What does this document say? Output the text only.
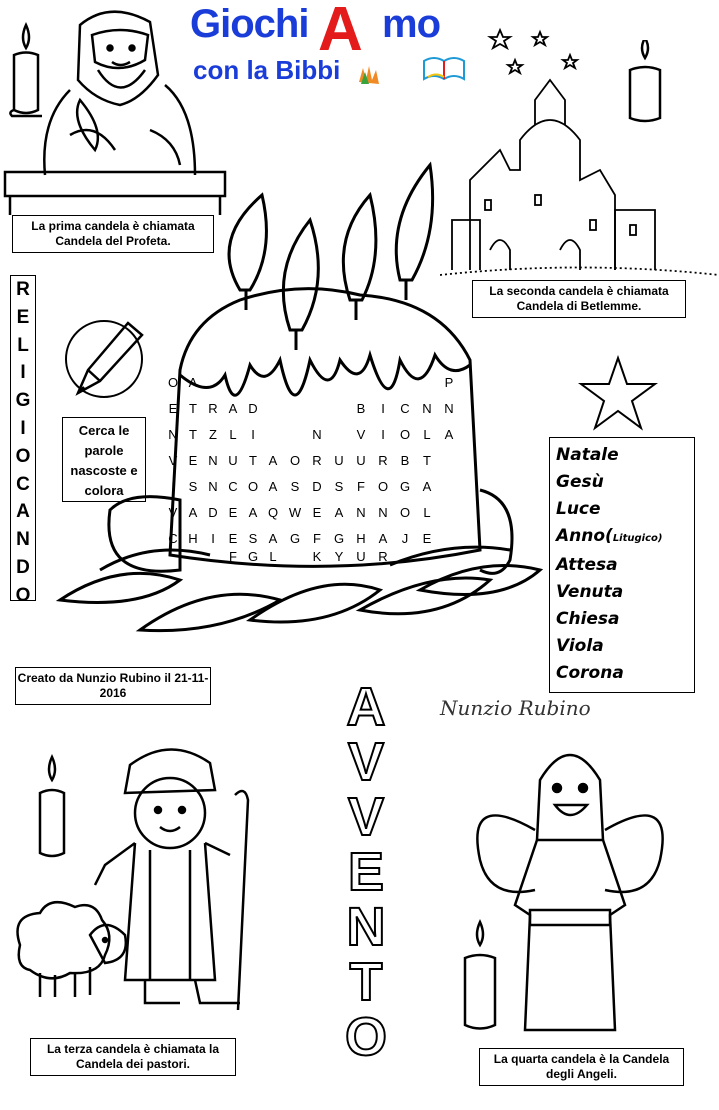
Giochi A mo
con la Bibbi
La prima candela è chiamata Candela del Profeta.
La seconda candela è chiamata Candela di Betlemme.
R
E
L
I
G
I
O
C
A
N
D
O
Cerca le parole nascoste e colora
O A	P
E T R A D	B	I	C N N
N T Z L	I	N	V	I	O	L	A
V E N U T A O R U U R B	T
I	S N C O A	S D S	F O G A
V A D E A Q W E	A N N O	L
C H	I	E S A G F G H A	J	E
F G L	K	Y U R
Natale
Gesù
Luce
Anno(Litugico)
Attesa
Venuta
Chiesa
Viola
Corona
Creato da Nunzio Rubino il 21-11-2016
Nunzio Rubino
A
V
V
E
N
T
O
La terza candela è chiamata la Candela dei pastori.	La quarta candela è la Candela degli Angeli.
